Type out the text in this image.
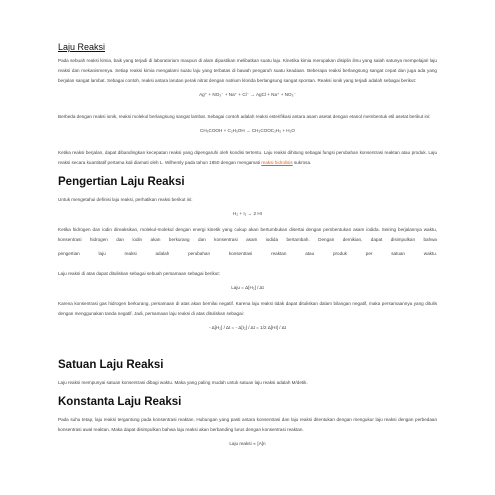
Laju Reaksi

Pada sebuah reaksi kimia, baik yang terjadi di laboratorium maupun di alam dipastikan melibatkan suatu laju. Kinetika kimia merupakan disiplin ilmu yang salah satunya mempelajari laju reaksi dan mekanismenya. Setiap reaksi kimia mengalami suatu laju yang terbatas di bawah pengaruh suatu keadaan. Beberapa reaksi berlangsung sangat cepat dan juga ada yang berjalan sangat lambat. Sebagai contoh, reaksi antara larutan perak nitrat dengan natrium klorida berlangsung sangat spontan. Reaksi ionik yang terjadi adalah sebagai berikut:

Ag⁺ + NO₃⁻ + Na⁺ + Cl⁻ → AgCl + Na⁺ + NO₃⁻

Berbeda dengan reaksi ionik, reaksi molekul berlangsung sangat lambat. Sebagai contoh adalah reaksi esterifikasi antara asam asetat dengan etanol membentuk etil asetat berikut ini:

CH₃COOH + C₂H₅OH → CH₃COOC₂H₅ + H₂O

Ketika reaksi berjalan, dapat dibandingkan kecepatan reaksi yang dipengaruhi oleh kondisi tertentu. Laju reaksi dihitung sebagai fungsi perubahan konsentrasi reaktan atau produk. Laju reaksi secara kuantitatif pertama kali diamati oleh L. Wilhemly pada tahun 1850 dengan mengamati reaksi hidrolisis sukrosa.

Pengertian Laju Reaksi

Untuk mengetahui definisi laju reaksi, perhatikan reaksi berikut ini:

H₂ + I₂ → 2 HI

Ketika hidrogen dan iodin direaksikan, molekul-molekul dengan energi kinetik yang cukup akan bertumbukan disertai dengan pembentukan asam iodida. Seiring berjalannya waktu, konsentrasi hidrogen dan iodin akan berkurang dan konsentrasi asam iodida bertambah. Dengan demikian, dapat disimpulkan bahwa

pengertian	laju	reaksi	adalah	perubahan	konsentrasi	reaktan	atau	produk	per	satuan	waktu.

Laju reaksi di atas dapat dituliskan sebagai sebuah persamaan sebagai berikut:

Laju = Δ[H₂] / Δt

Karena konsentrasi gas hidrogen berkurang, persamaan di atas akan bernilai negatif. Karena laju reaksi tidak dapat dituliskan dalam bilangan negatif, maka persamaannya yang ditulis dengan menggunakan tanda negatif. Jadi, persamaan laju reaksi di atas dituliskan sebagai:

- Δ[H₂] / Δt = - Δ[I₂] / Δt = 1/2 Δ[HI] / Δt
Satuan Laju Reaksi

Laju reaksi mempunyai satuan konsentrasi dibagi waktu. Maka yang paling mudah untuk satuan laju reaksi adalah M/detik.

Konstanta Laju Reaksi

Pada suhu tetap, laju reaksi tergantung pada konsentrasi reaktan. Hubungan yang pasti antara konsentrasi dan laju reaksi ditentukan dengan mengukur laju reaksi dengan perbedaan konsentrasi awal reaktan. Maka dapat disimpulkan bahwa laju reaksi akan berbanding lurus dengan konsentrasi reaktan.

Laju reaksi ∝ [A]n
